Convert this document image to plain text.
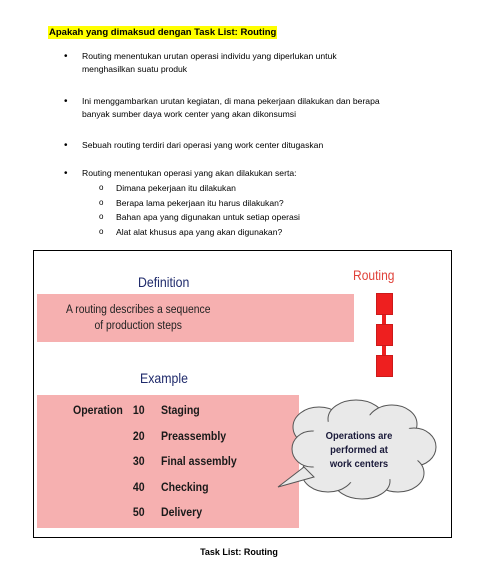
Apakah yang dimaksud dengan Task List: Routing
• Routing menentukan urutan operasi individu yang diperlukan untuk
menghasilkan suatu produk
• Ini menggambarkan urutan kegiatan, di mana pekerjaan dilakukan dan berapa
banyak sumber daya work center yang akan dikonsumsi
• Sebuah routing terdiri dari operasi yang work center ditugaskan
• Routing menentukan operasi yang akan dilakukan serta:
o Dimana pekerjaan itu dilakukan
o Berapa lama pekerjaan itu harus dilakukan?
o Bahan apa yang digunakan untuk setiap operasi
o Alat alat khusus apa yang akan digunakan?
Definition
A routing describes a sequence
of production steps
Example
Operation 10 Staging
20 Preassembly
30 Final assembly
40 Checking
50 Delivery
Routing
Operations are
performed at
work centers
Task List: Routing
